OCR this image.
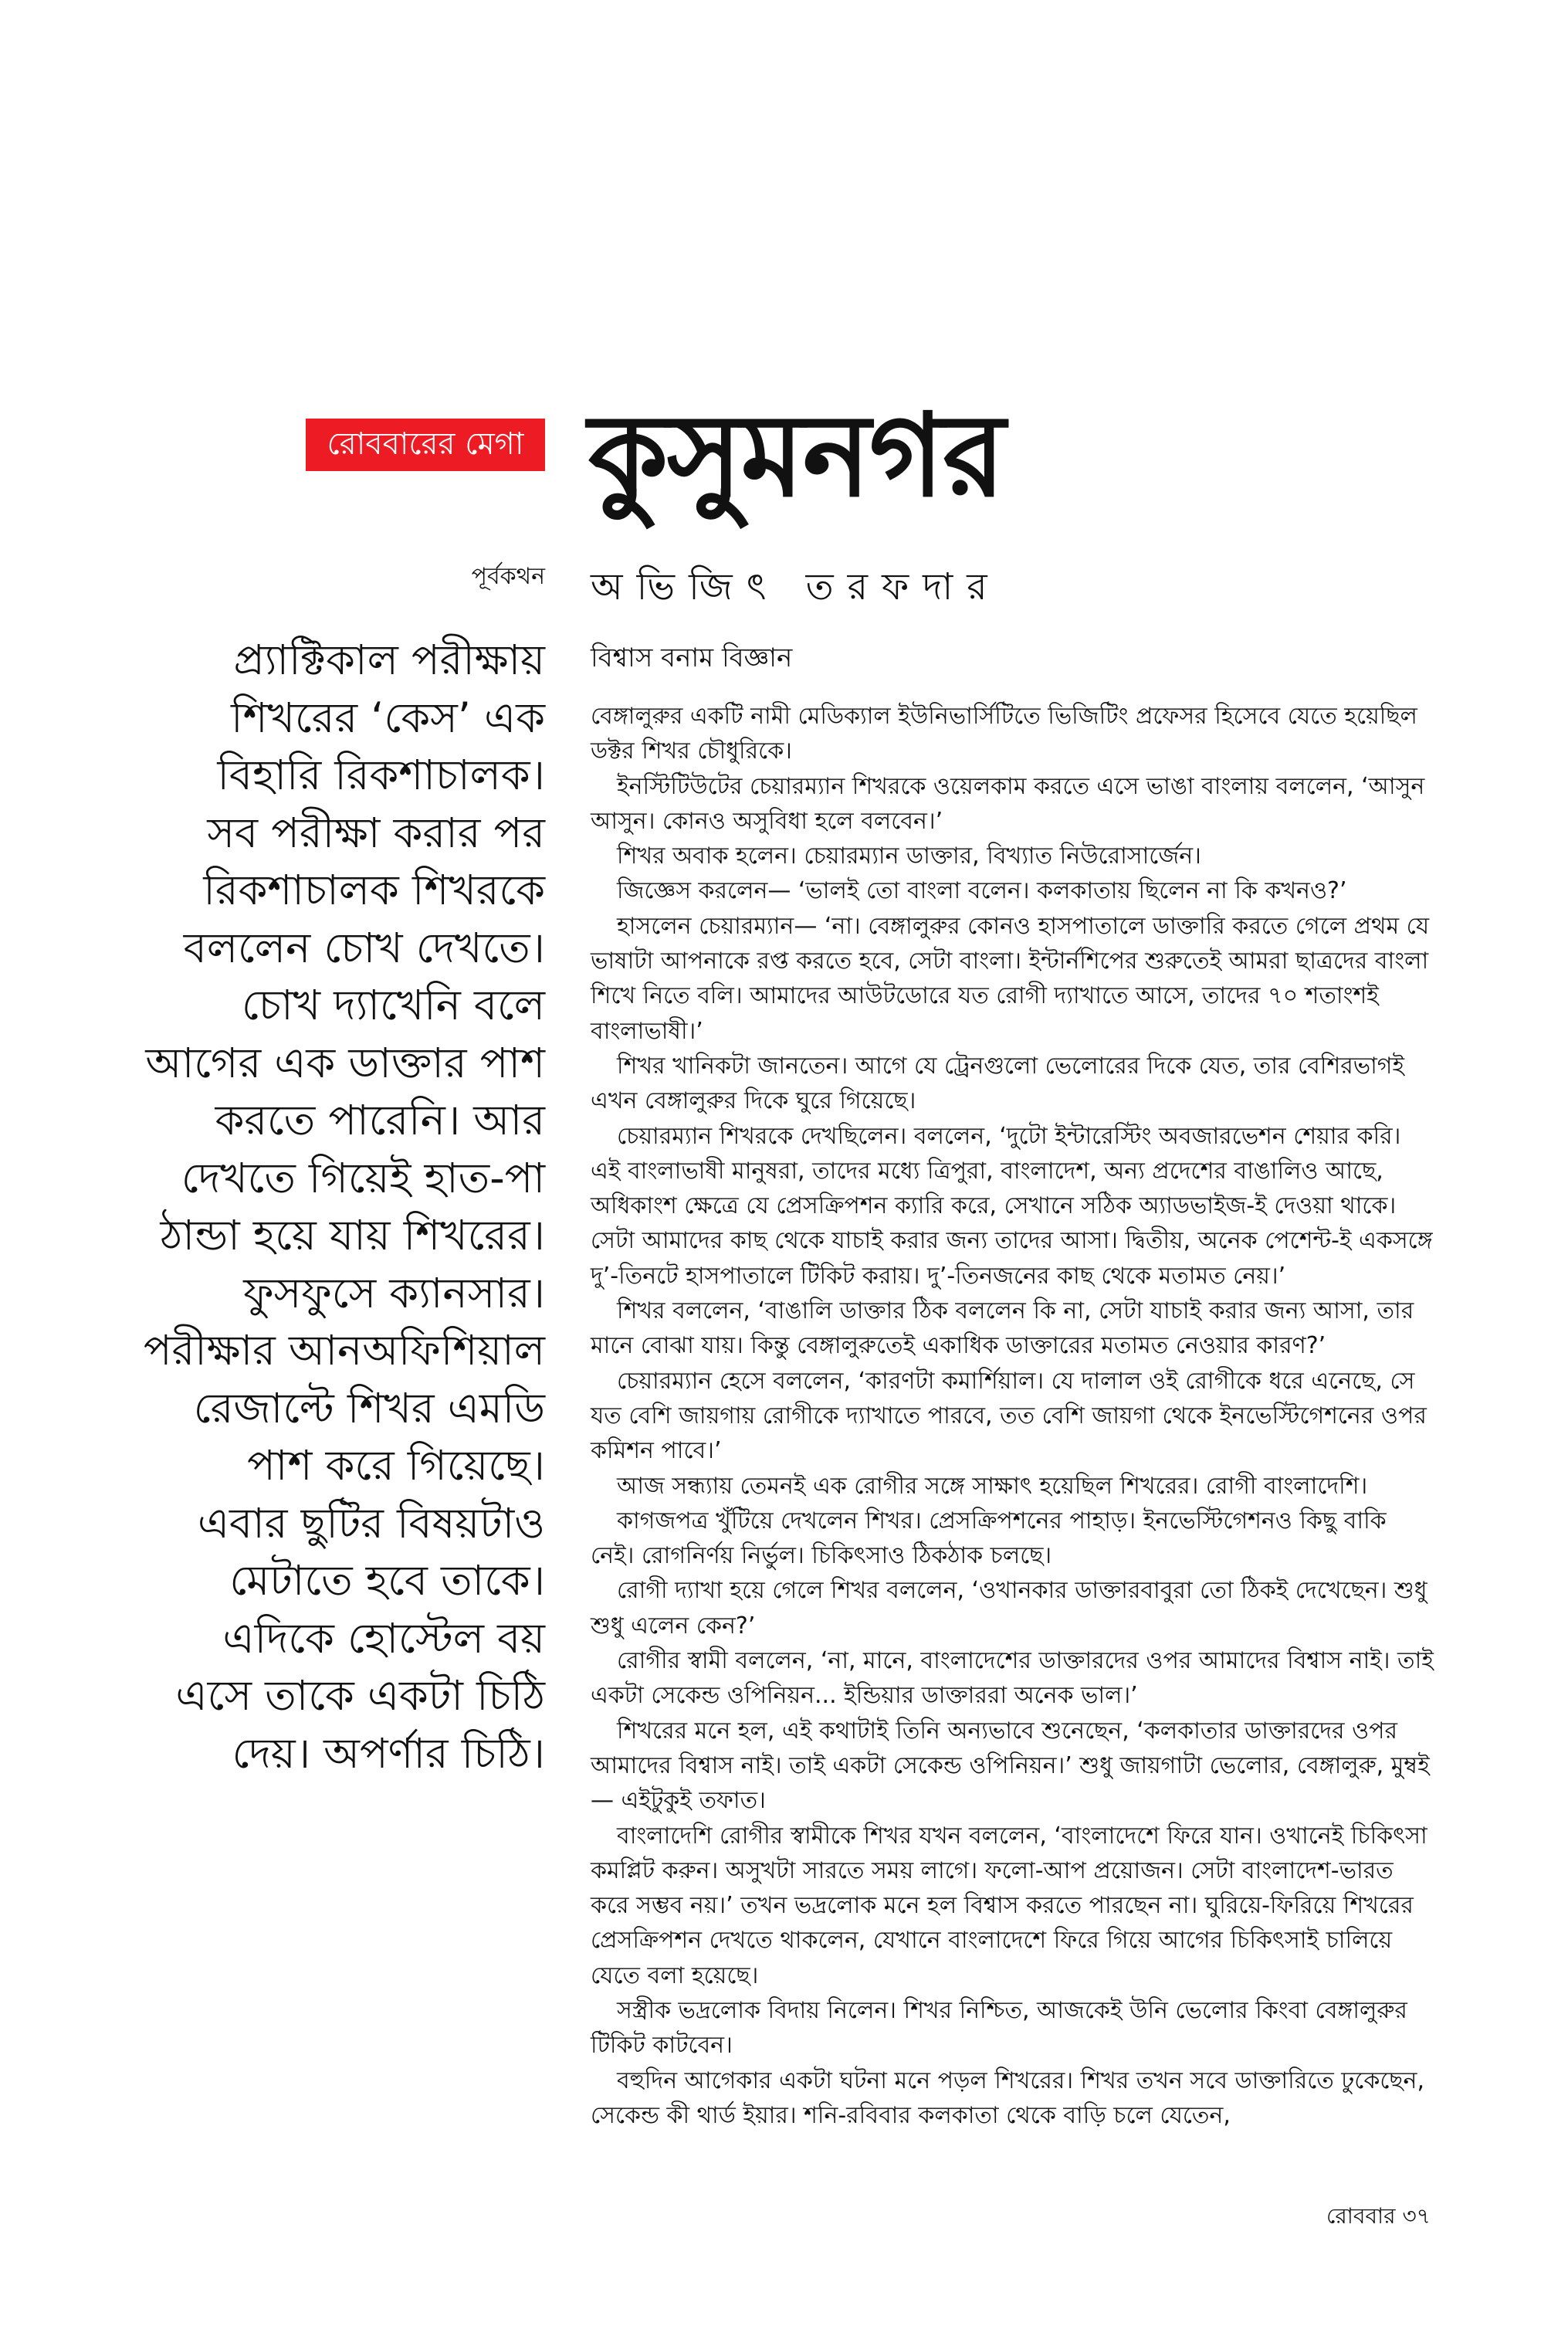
রোববারের মেগা কুসুমনগর
পূর্বকথন অভিজিৎ তরফদার
প্র্যাক্টিকাল পরীক্ষায়
শিখরের ‘কেস’ এক
বিহারি রিকশাচালক।
সব পরীক্ষা করার পর
রিকশাচালক শিখরকে
বললেন চোখ দেখতে।
চোখ দ্যাখেনি বলে
আগের এক ডাক্তার পাশ
করতে পারেনি। আর
দেখতে গিয়েই হাত-পা
ঠান্ডা হয়ে যায় শিখরের।
ফুসফুসে ক্যানসার।
পরীক্ষার আনঅফিশিয়াল
রেজাল্টে শিখর এমডি
পাশ করে গিয়েছে।
এবার ছুটির বিষয়টাও
মেটাতে হবে তাকে।
এদিকে হোস্টেল বয়
এসে তাকে একটা চিঠি
দেয়। অপর্ণার চিঠি।
বিশ্বাস বনাম বিজ্ঞান

বেঙ্গালুরুর একটি নামী মেডিক্যাল ইউনিভার্সিটিতে ভিজিটিং প্রফেসর হিসেবে যেতে হয়েছিল ডক্টর শিখর চৌধুরিকে।

ইনস্টিটিউটের চেয়ারম্যান শিখরকে ওয়েলকাম করতে এসে ভাঙা বাংলায় বললেন, ‘আসুন আসুন। কোনও অসুবিধা হলে বলবেন।’

শিখর অবাক হলেন। চেয়ারম্যান ডাক্তার, বিখ্যাত নিউরোসার্জেন।

জিজ্ঞেস করলেন— ‘ভালই তো বাংলা বলেন। কলকাতায় ছিলেন না কি কখনও?’

হাসলেন চেয়ারম্যান— ‘না। বেঙ্গালুরুর কোনও হাসপাতালে ডাক্তারি করতে গেলে প্রথম যে ভাষাটা আপনাকে রপ্ত করতে হবে, সেটা বাংলা। ইন্টার্নশিপের শুরুতেই আমরা ছাত্রদের বাংলা শিখে নিতে বলি। আমাদের আউটডোরে যত রোগী দ্যাখাতে আসে, তাদের ৭০ শতাংশই বাংলাভাষী।’

শিখর খানিকটা জানতেন। আগে যে ট্রেনগুলো ভেলোরের দিকে যেত, তার বেশিরভাগই এখন বেঙ্গালুরুর দিকে ঘুরে গিয়েছে।

চেয়ারম্যান শিখরকে দেখছিলেন। বললেন, ‘দুটো ইন্টারেস্টিং অবজারভেশন শেয়ার করি। এই বাংলাভাষী মানুষরা, তাদের মধ্যে ত্রিপুরা, বাংলাদেশ, অন্য প্রদেশের বাঙালিও আছে, অধিকাংশ ক্ষেত্রে যে প্রেসক্রিপশন ক্যারি করে, সেখানে সঠিক অ্যাডভাইজ-ই দেওয়া থাকে। সেটা আমাদের কাছ থেকে যাচাই করার জন্য তাদের আসা। দ্বিতীয়, অনেক পেশেন্ট-ই একসঙ্গে দু’-তিনটে হাসপাতালে টিকিট করায়। দু’-তিনজনের কাছ থেকে মতামত নেয়।’

শিখর বললেন, ‘বাঙালি ডাক্তার ঠিক বললেন কি না, সেটা যাচাই করার জন্য আসা, তার মানে বোঝা যায়। কিন্তু বেঙ্গালুরুতেই একাধিক ডাক্তারের মতামত নেওয়ার কারণ?’

চেয়ারম্যান হেসে বললেন, ‘কারণটা কমার্শিয়াল। যে দালাল ওই রোগীকে ধরে এনেছে, সে যত বেশি জায়গায় রোগীকে দ্যাখাতে পারবে, তত বেশি জায়গা থেকে ইনভেস্টিগেশনের ওপর কমিশন পাবে।’

আজ সন্ধ্যায় তেমনই এক রোগীর সঙ্গে সাক্ষাৎ হয়েছিল শিখরের। রোগী বাংলাদেশি।

কাগজপত্র খুঁটিয়ে দেখলেন শিখর। প্রেসক্রিপশনের পাহাড়। ইনভেস্টিগেশনও কিছু বাকি নেই। রোগনির্ণয় নির্ভুল। চিকিৎসাও ঠিকঠাক চলছে।

রোগী দ্যাখা হয়ে গেলে শিখর বললেন, ‘ওখানকার ডাক্তারবাবুরা তো ঠিকই দেখেছেন। শুধু শুধু এলেন কেন?’

রোগীর স্বামী বললেন, ‘না, মানে, বাংলাদেশের ডাক্তারদের ওপর আমাদের বিশ্বাস নাই। তাই একটা সেকেন্ড ওপিনিয়ন... ইন্ডিয়ার ডাক্তাররা অনেক ভাল।’

শিখরের মনে হল, এই কথাটাই তিনি অন্যভাবে শুনেছেন, ‘কলকাতার ডাক্তারদের ওপর আমাদের বিশ্বাস নাই। তাই একটা সেকেন্ড ওপিনিয়ন।’ শুধু জায়গাটা ভেলোর, বেঙ্গালুরু, মুম্বই— এইটুকুই তফাত।

বাংলাদেশি রোগীর স্বামীকে শিখর যখন বললেন, ‘বাংলাদেশে ফিরে যান। ওখানেই চিকিৎসা কমপ্লিট করুন। অসুখটা সারতে সময় লাগে। ফলো-আপ প্রয়োজন। সেটা বাংলাদেশ-ভারত করে সম্ভব নয়।’ তখন ভদ্রলোক মনে হল বিশ্বাস করতে পারছেন না। ঘুরিয়ে-ফিরিয়ে শিখরের প্রেসক্রিপশন দেখতে থাকলেন, যেখানে বাংলাদেশে ফিরে গিয়ে আগের চিকিৎসাই চালিয়ে যেতে বলা হয়েছে।

সস্ত্রীক ভদ্রলোক বিদায় নিলেন। শিখর নিশ্চিত, আজকেই উনি ভেলোর কিংবা বেঙ্গালুরুর টিকিট কাটবেন।

বহুদিন আগেকার একটা ঘটনা মনে পড়ল শিখরের। শিখর তখন সবে ডাক্তারিতে ঢুকেছেন, সেকেন্ড কী থার্ড ইয়ার। শনি-রবিবার কলকাতা থেকে বাড়ি চলে যেতেন,

রোববার ৩৭
